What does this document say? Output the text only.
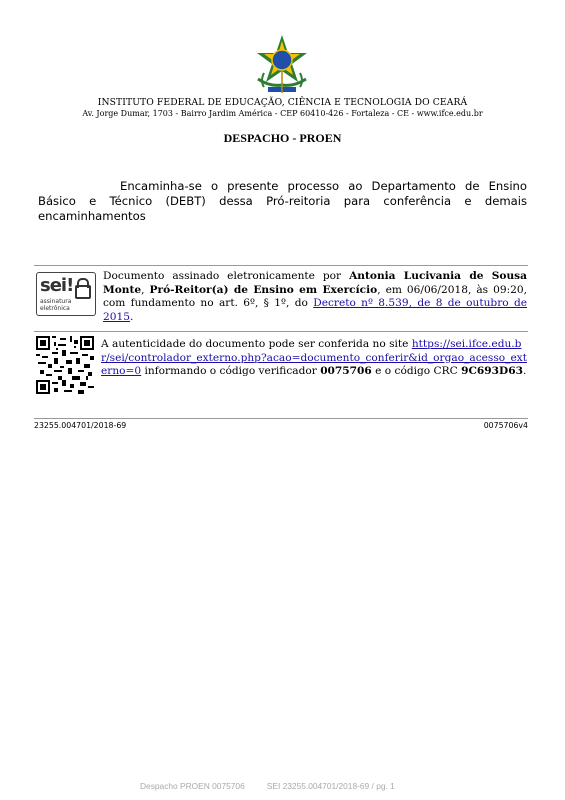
INSTITUTO FEDERAL DE EDUCAÇÃO, CIÊNCIA E TECNOLOGIA DO CEARÁ
Av. Jorge Dumar, 1703 - Bairro Jardim América - CEP 60410-426 - Fortaleza - CE - www.ifce.edu.br
DESPACHO - PROEN
Encaminha-se o presente processo ao Departamento de Ensino Básico e Técnico (DEBT) dessa Pró-reitoria para conferência e demais encaminhamentos
sei!
assinatura eletrônica
Documento assinado eletronicamente por Antonia Lucivania de Sousa Monte, Pró-Reitor(a) de Ensino em Exercício, em 06/06/2018, às 09:20, com fundamento no art. 6º, § 1º, do Decreto nº 8.539, de 8 de outubro de 2015.
A autenticidade do documento pode ser conferida no site https://sei.ifce.edu.br/sei/controlador_externo.php?acao=documento_conferir&id_orgao_acesso_externo=0 informando o código verificador 0075706 e o código CRC 9C693D63.
23255.004701/2018-69	0075706v4
Despacho PROEN 0075706	SEI 23255.004701/2018-69 / pg. 1
